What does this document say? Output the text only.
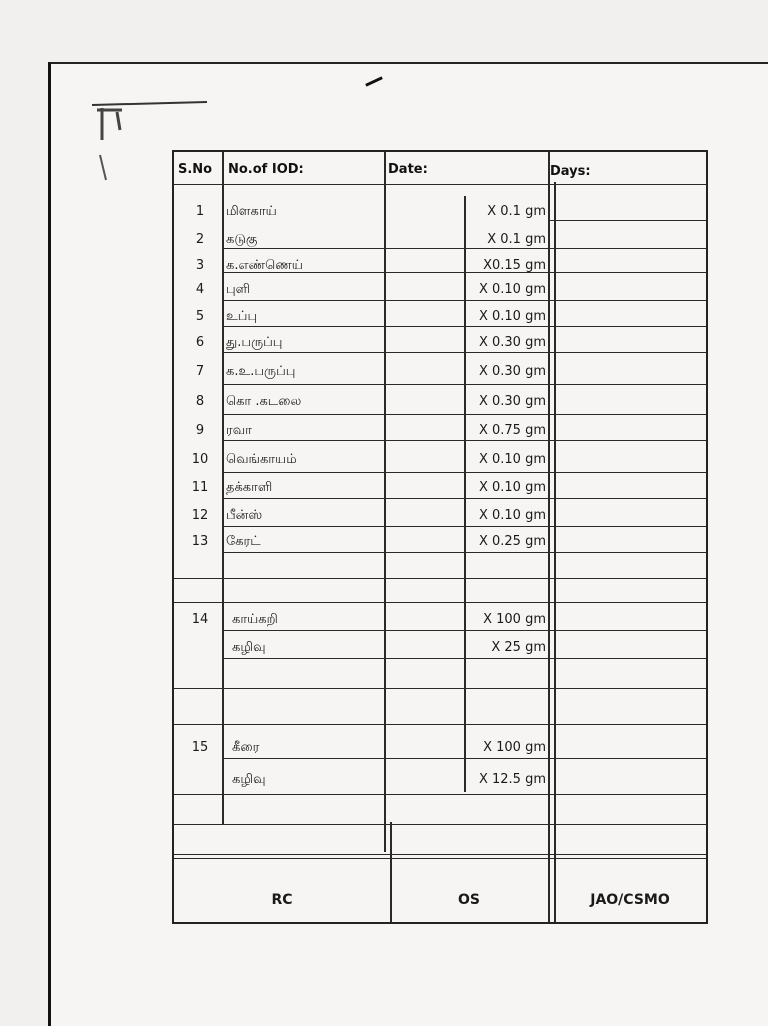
S.No No.of IOD:	Date:	Days:
1	மிளகாய்	X 0.1 gm
2	கடுகு	X 0.1 gm
3	க.எண்ணெய்	X0.15 gm
4	புளி	X 0.10 gm
5	உப்பு	X 0.10 gm
6	து.பருப்பு	X 0.30 gm
7	க.உ.பருப்பு	X 0.30 gm
8	கொ .கடலை	X 0.30 gm
9	ரவா	X 0.75 gm
10	வெங்காயம்	X 0.10 gm
11	தக்காளி	X 0.10 gm
12	பீன்ஸ்	X 0.10 gm
13	கேரட்	X 0.25 gm
14	காய்கறி	X 100 gm
கழிவு	X 25 gm
15	கீரை	X 100 gm
கழிவு	X 12.5 gm
RC	OS	JAO/CSMO
